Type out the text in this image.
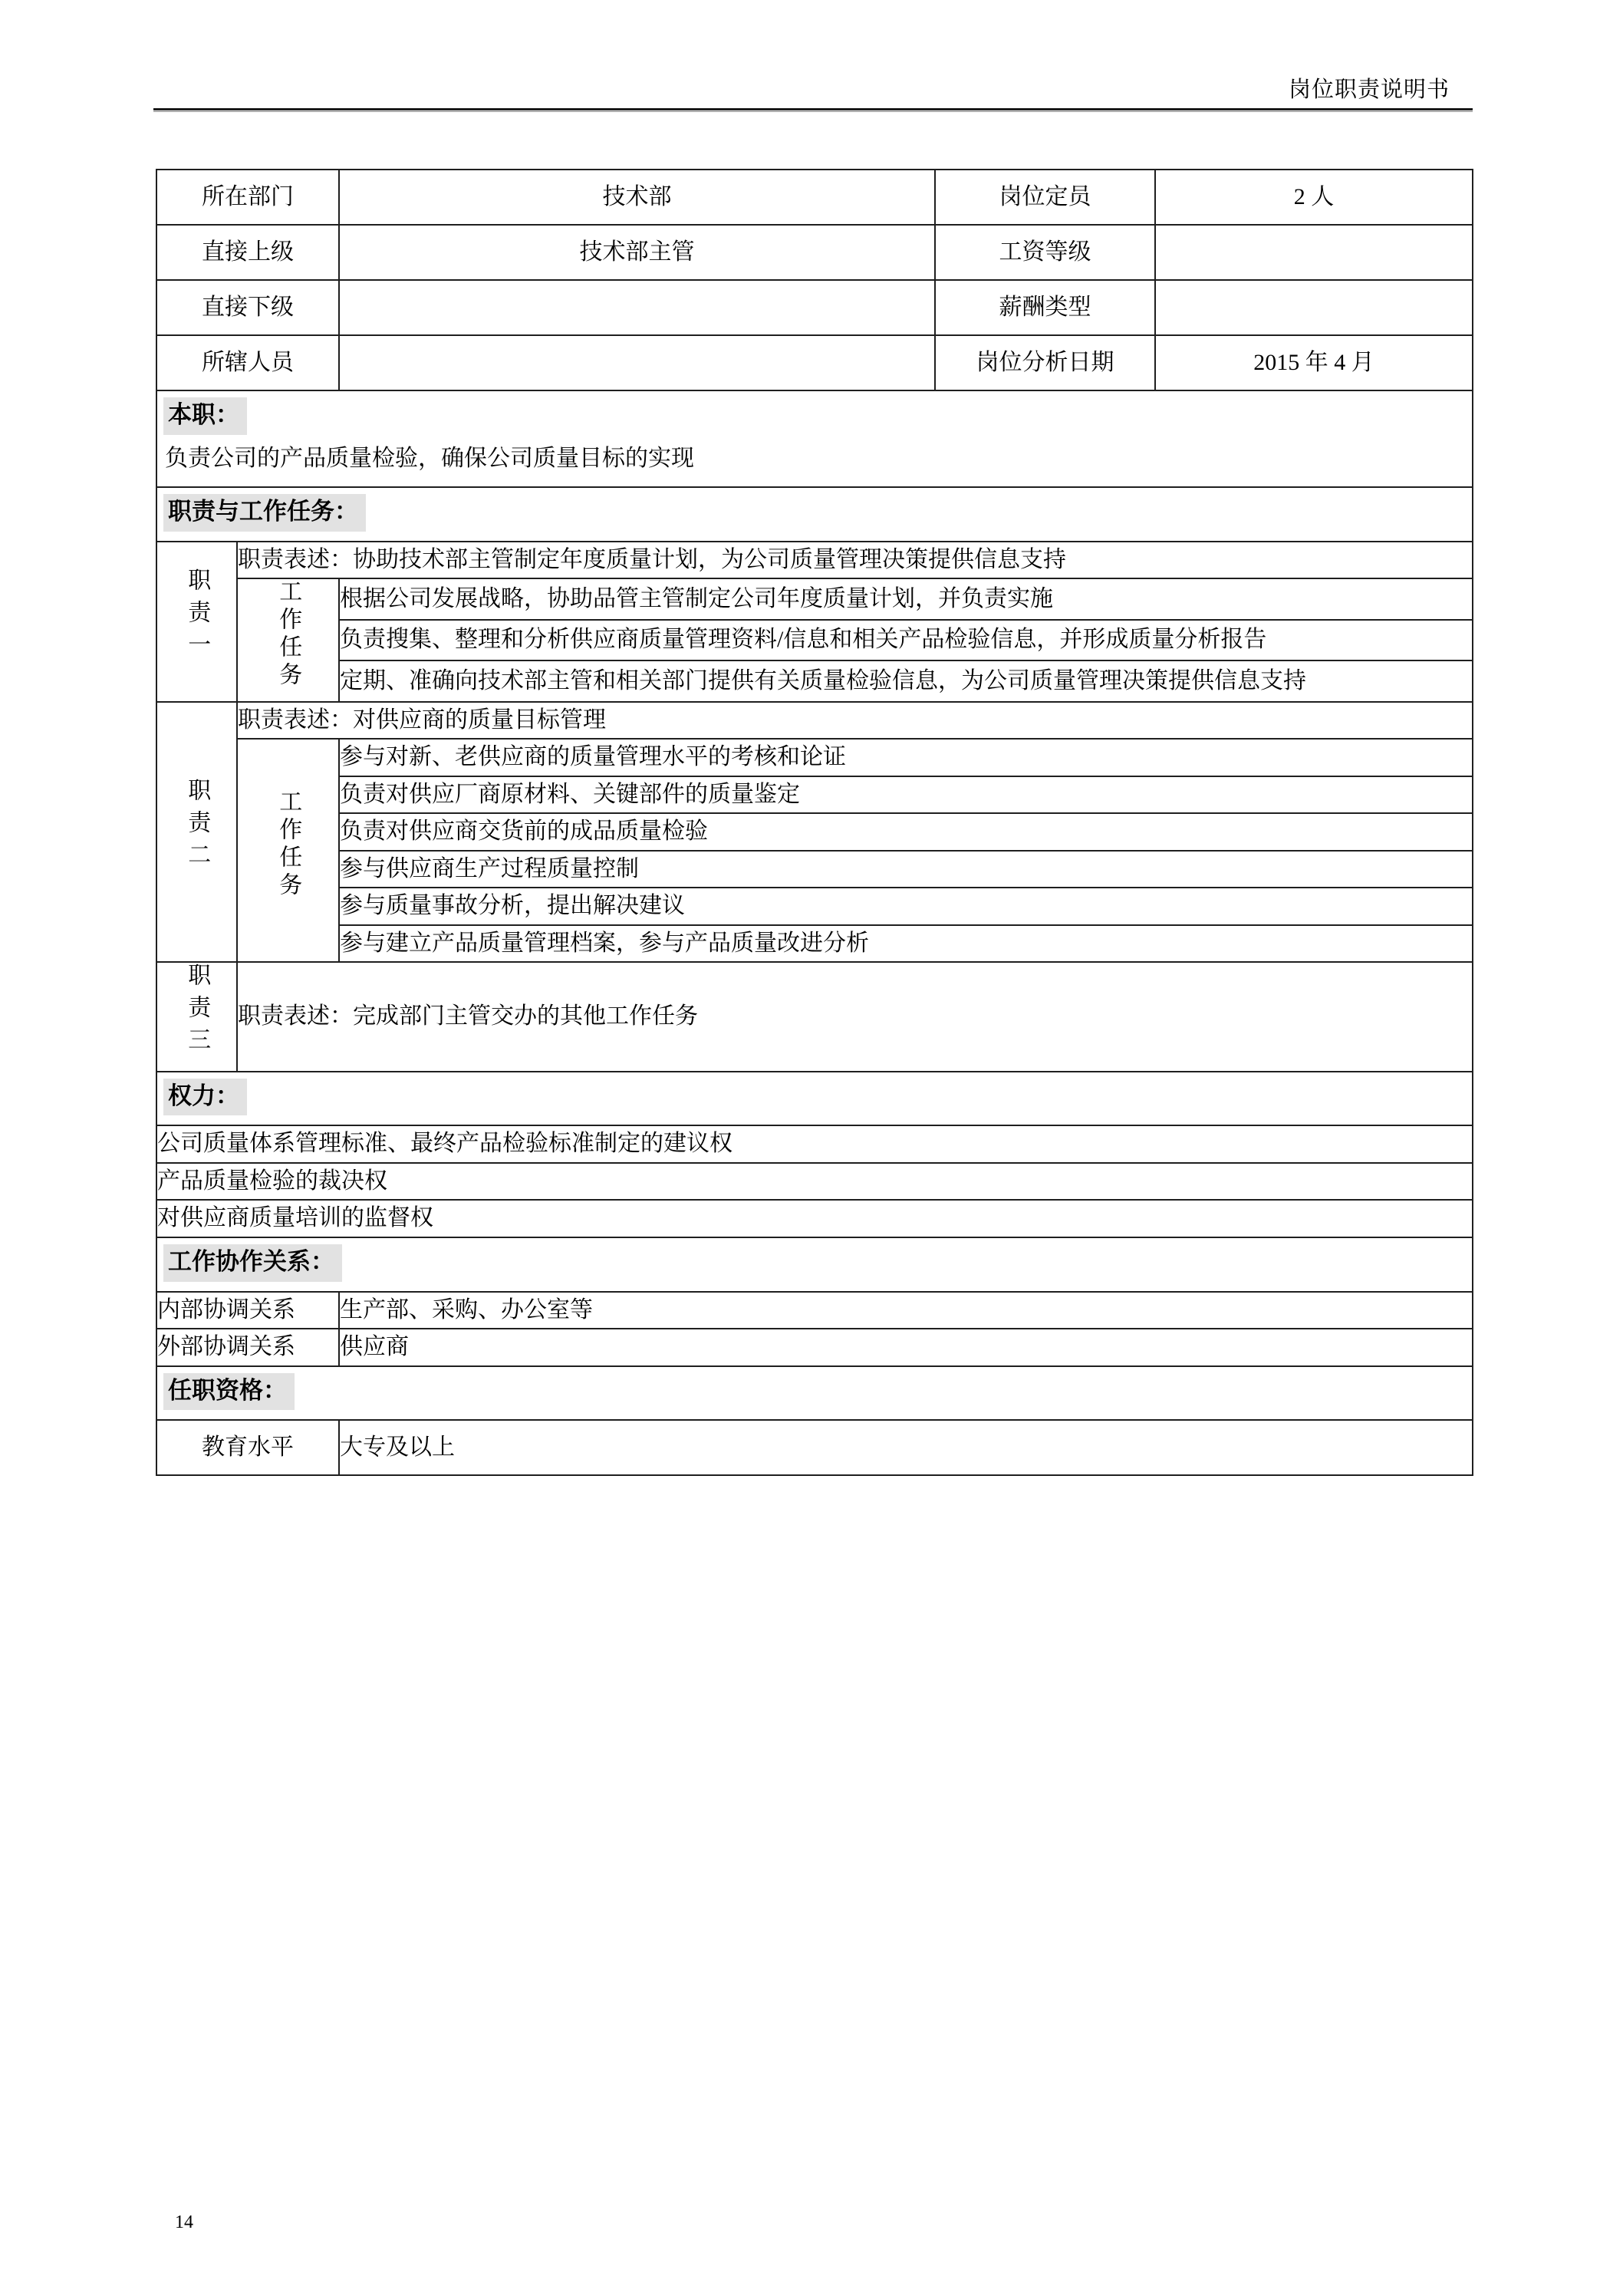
岗位职责说明书
所在部门		技术部	岗位定员	2 人
直接上级		技术部主管	工资等级	
直接下级			薪酬类型	
所辖人员			岗位分析日期	2015 年 4 月
本职：
负责公司的产品质量检验，确保公司质量目标的实现				

职责与工作任务：				
职责一	职责表述：协助技术部主管制定年度质量计划，为公司质量管理决策提供信息支持			
	工作任务	根据公司发展战略，协助品管主管制定公司年度质量计划，并负责实施		
		负责搜集、整理和分析供应商质量管理资料/信息和相关产品检验信息，并形成质量分析报告		
		定期、准确向技术部主管和相关部门提供有关质量检验信息，为公司质量管理决策提供信息支持		
职责二	职责表述：对供应商的质量目标管理			
	工作任务	参与对新、老供应商的质量管理水平的考核和论证		
		负责对供应厂商原材料、关键部件的质量鉴定		
		负责对供应商交货前的成品质量检验		
		参与供应商生产过程质量控制		
		参与质量事故分析，提出解决建议		
		参与建立产品质量管理档案，参与产品质量改进分析		
职责三	职责表述：完成部门主管交办的其他工作任务			
权力：				
公司质量体系管理标准、最终产品检验标准制定的建议权				
产品质量检验的裁决权				
对供应商质量培训的监督权				
工作协作关系：				
内部协调关系		生产部、采购、办公室等		
外部协调关系		供应商		
任职资格：				
教育水平		大专及以上		
14
